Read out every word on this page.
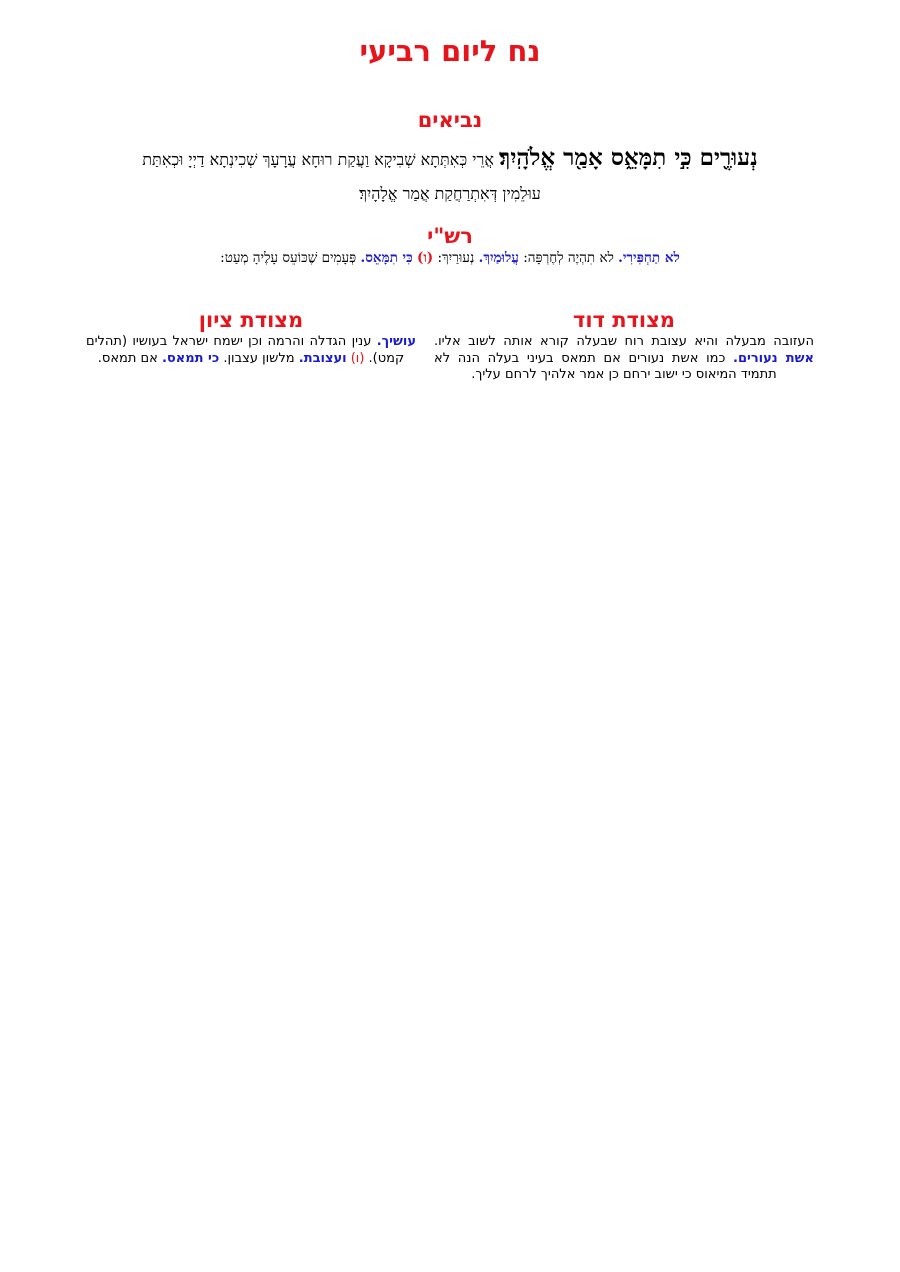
נח ליום רביעי
נביאים
נְעוּרֶ֖ים כִּ֣י תִמָּאֵ֑ס אָמַ֖ר אֱלֹהָֽיִךְ׃ אֲרֵי כְּאִתְּתָא שְׁבִיקָא וַעֲקַת רוּחָא עֲרָעָךְ שְׁכִינְתָא דַיְיָ וּכְאִתַּת
עוּלֵמִין דְּאִתְרַחֲקַת אֲמַר אֱלָהָיִךְ׃
רש"י
לא תַחְפִּירִי. לא תִהְיֶה לְחֶרְפָּה: עֲלוּמַיִךְ. נְעוּרַיִךְ: (ו) כִּי תִמָּאֵס. פְּעָמִים שֶׁכּוֹעֵס עָלֶיהָ מְעַט:
מצודת דוד
העזובה מבעלה והיא עצובת רוח שבעלה קורא אותה לשוב אליו. אשת נעורים. כמו אשת נעורים אם תמאס בעיני בעלה הנה לא תתמיד המיאוס כי ישוב ירחם כן אמר אלהיך לרחם עליך.
מצודת ציון
עושיך. ענין הגדלה והרמה וכן ישמח ישראל בעושיו (תהלים קמט). (ו) ועצובת. מלשון עצבון. כי תמאס. אם תמאס.
